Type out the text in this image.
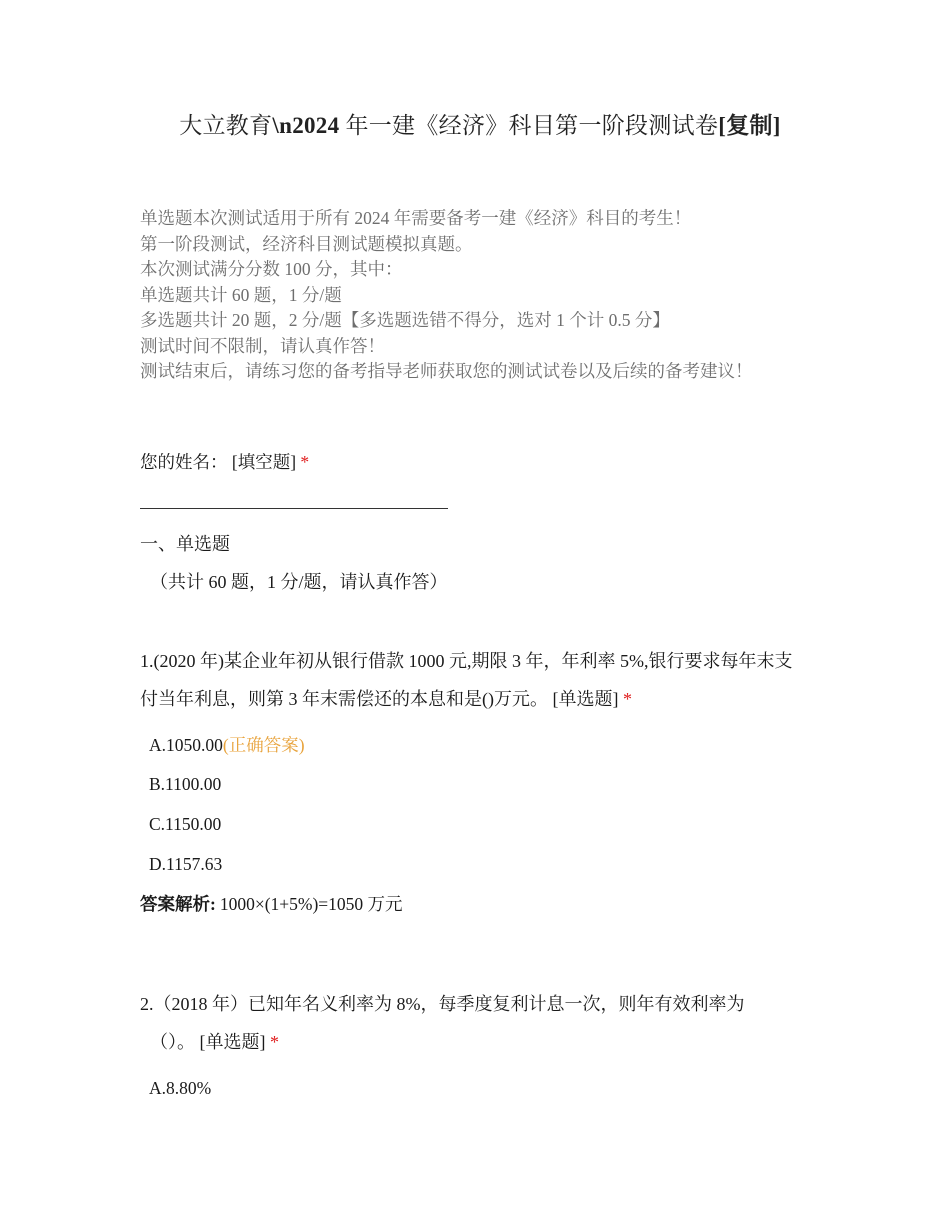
大立教育\n2024 年一建《经济》科目第一阶段测试卷[复制]
单选题本次测试适用于所有 2024 年需要备考一建《经济》科目的考生！
第一阶段测试，经济科目测试题模拟真题。
本次测试满分分数 100 分，其中：
单选题共计 60 题，1 分/题
多选题共计 20 题，2 分/题【多选题选错不得分，选对 1 个计 0.5 分】
测试时间不限制，请认真作答！
测试结束后，请练习您的备考指导老师获取您的测试试卷以及后续的备考建议！
您的姓名： [填空题] *
一、单选题
（共计 60 题，1 分/题，请认真作答）
1.(2020 年)某企业年初从银行借款 1000 元,期限 3 年，年利率 5%,银行要求每年末支
付当年利息，则第 3 年末需偿还的本息和是()万元。 [单选题] *
A.1050.00(正确答案)
B.1100.00
C.1150.00
D.1157.63
答案解析: 1000×(1+5%)=1050 万元
2.（2018 年）已知年名义利率为 8%，每季度复利计息一次，则年有效利率为
（）。 [单选题] *
A.8.80%
